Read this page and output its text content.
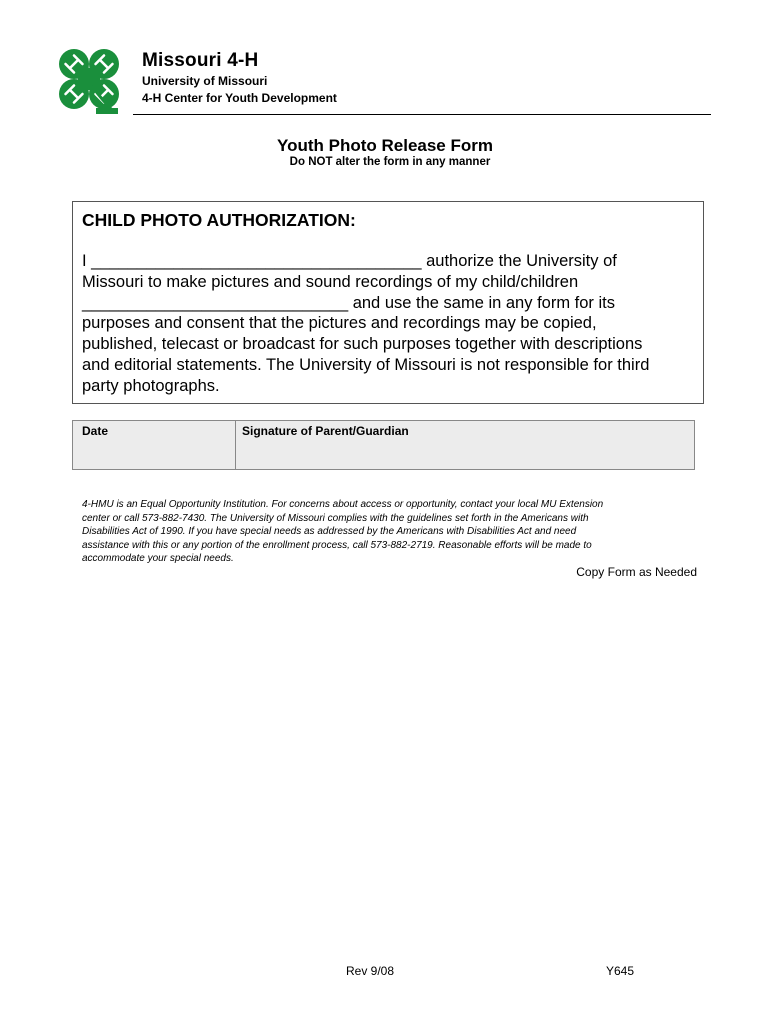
Missouri 4-H
University of Missouri
4-H Center for Youth Development
Youth Photo Release Form
Do NOT alter the form in any manner
CHILD PHOTO AUTHORIZATION:

I ____________________________________ authorize the University of

Missouri to make pictures and sound recordings of my child/children

_____________________________ and use the same in any form for its

purposes and consent that the pictures and recordings may be copied,

published, telecast or broadcast for such purposes together with descriptions

and editorial statements. The University of Missouri is not responsible for third

party photographs.

Date	Signature of Parent/Guardian

4-HMU is an Equal Opportunity Institution. For concerns about access or opportunity, contact your local MU Extension

center or call 573-882-7430. The University of Missouri complies with the guidelines set forth in the Americans with

Disabilities Act of 1990. If you have special needs as addressed by the Americans with Disabilities Act and need

assistance with this or any portion of the enrollment process, call 573-882-2719. Reasonable efforts will be made to

accommodate your special needs.

Copy Form as Needed
Rev 9/08	Y645
